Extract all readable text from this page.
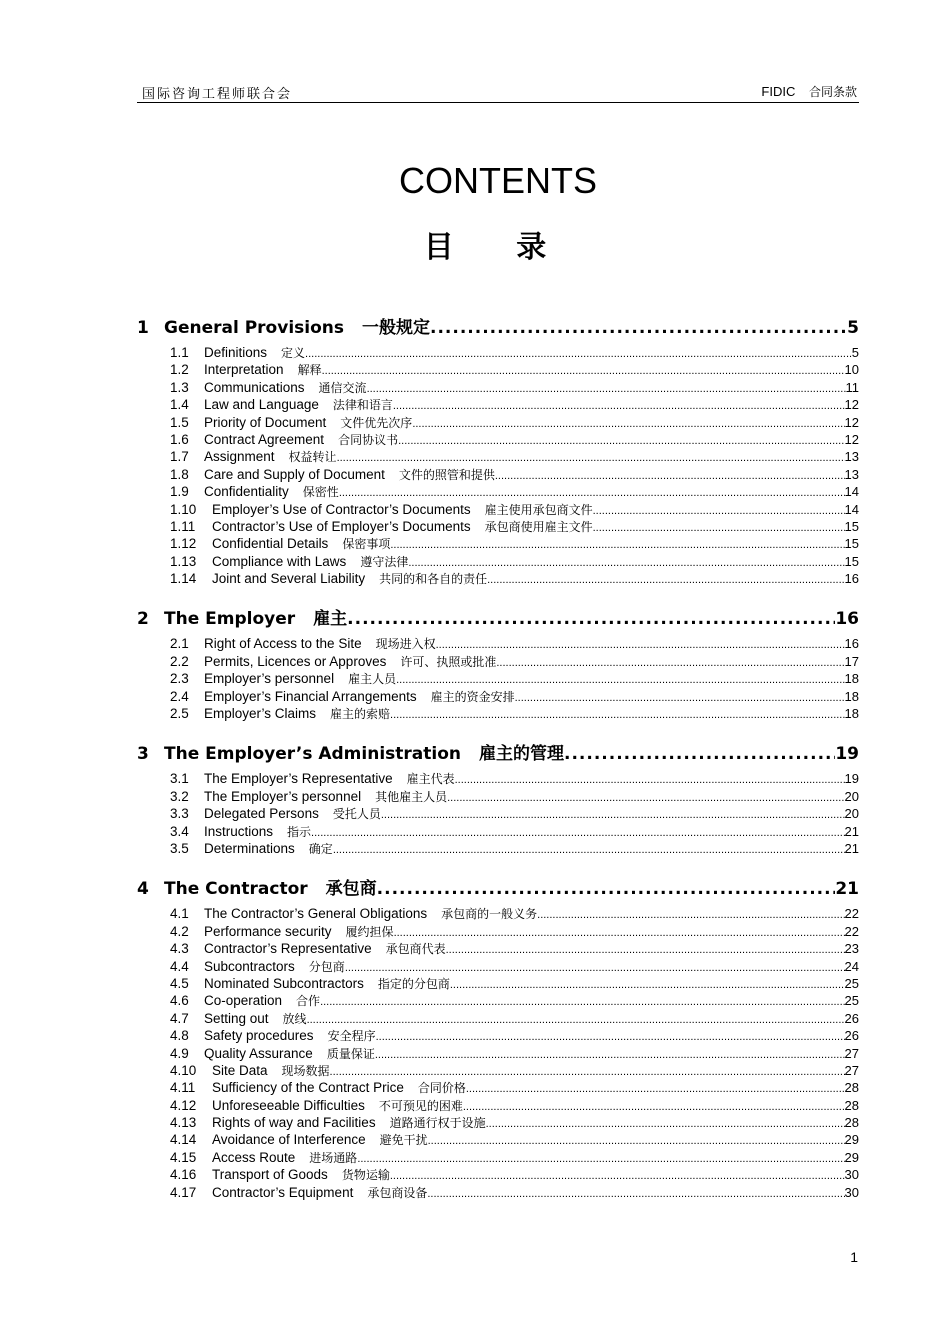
国际咨询工程师联合会	FIDIC 合同条款
CONTENTS
目 录
1 General Provisions 一般规定 .....	5
1.1	Definitions 定义 .....	5
1.2	Interpretation 解释 .....	10
1.3	Communications 通信交流 .....	11
1.4	Law and Language 法律和语言 .....	12
1.5	Priority of Document 文件优先次序 .....	12
1.6	Contract Agreement 合同协议书 .....	12
1.7	Assignment 权益转让 .....	13
1.8	Care and Supply of Document 文件的照管和提供 .....	13
1.9	Confidentiality 保密性 .....	14
1.10	Employer’s Use of Contractor’s Documents 雇主使用承包商文件 .....	14
1.11	Contractor’s Use of Employer’s Documents 承包商使用雇主文件 .....	15
1.12	Confidential Details 保密事项 .....	15
1.13	Compliance with Laws 遵守法律 .....	15
1.14	Joint and Several Liability 共同的和各自的责任 .....	16
2 The Employer 雇主 .....	16
2.1	Right of Access to the Site 现场进入权 .....	16
2.2	Permits, Licences or Approves 许可、执照或批准 .....	17
2.3	Employer’s personnel 雇主人员 .....	18
2.4	Employer’s Financial Arrangements 雇主的资金安排 .....	18
2.5	Employer’s Claims 雇主的索赔 .....	18
3 The Employer’s Administration 雇主的管理 .....	19
3.1	The Employer’s Representative 雇主代表 .....	19
3.2	The Employer’s personnel 其他雇主人员 .....	20
3.3	Delegated Persons 受托人员 .....	20
3.4	Instructions 指示 .....	21
3.5	Determinations 确定 .....	21
4 The Contractor 承包商 .....	21
4.1	The Contractor’s General Obligations 承包商的一般义务 .....	22
4.2	Performance security 履约担保 .....	22
4.3	Contractor’s Representative 承包商代表 .....	23
4.4	Subcontractors 分包商 .....	24
4.5	Nominated Subcontractors 指定的分包商 .....	25
4.6	Co-operation 合作 .....	25
4.7	Setting out 放线 .....	26
4.8	Safety procedures 安全程序 .....	26
4.9	Quality Assurance 质量保证 .....	27
4.10	Site Data 现场数据 .....	27
4.11	Sufficiency of the Contract Price 合同价格 .....	28
4.12	Unforeseeable Difficulties 不可预见的困难 .....	28
4.13	Rights of way and Facilities 道路通行权于设施 .....	28
4.14	Avoidance of Interference 避免干扰 .....	29
4.15	Access Route 进场通路 .....	29
4.16	Transport of Goods 货物运输 .....	30
4.17	Contractor’s Equipment 承包商设备 .....	30
1
